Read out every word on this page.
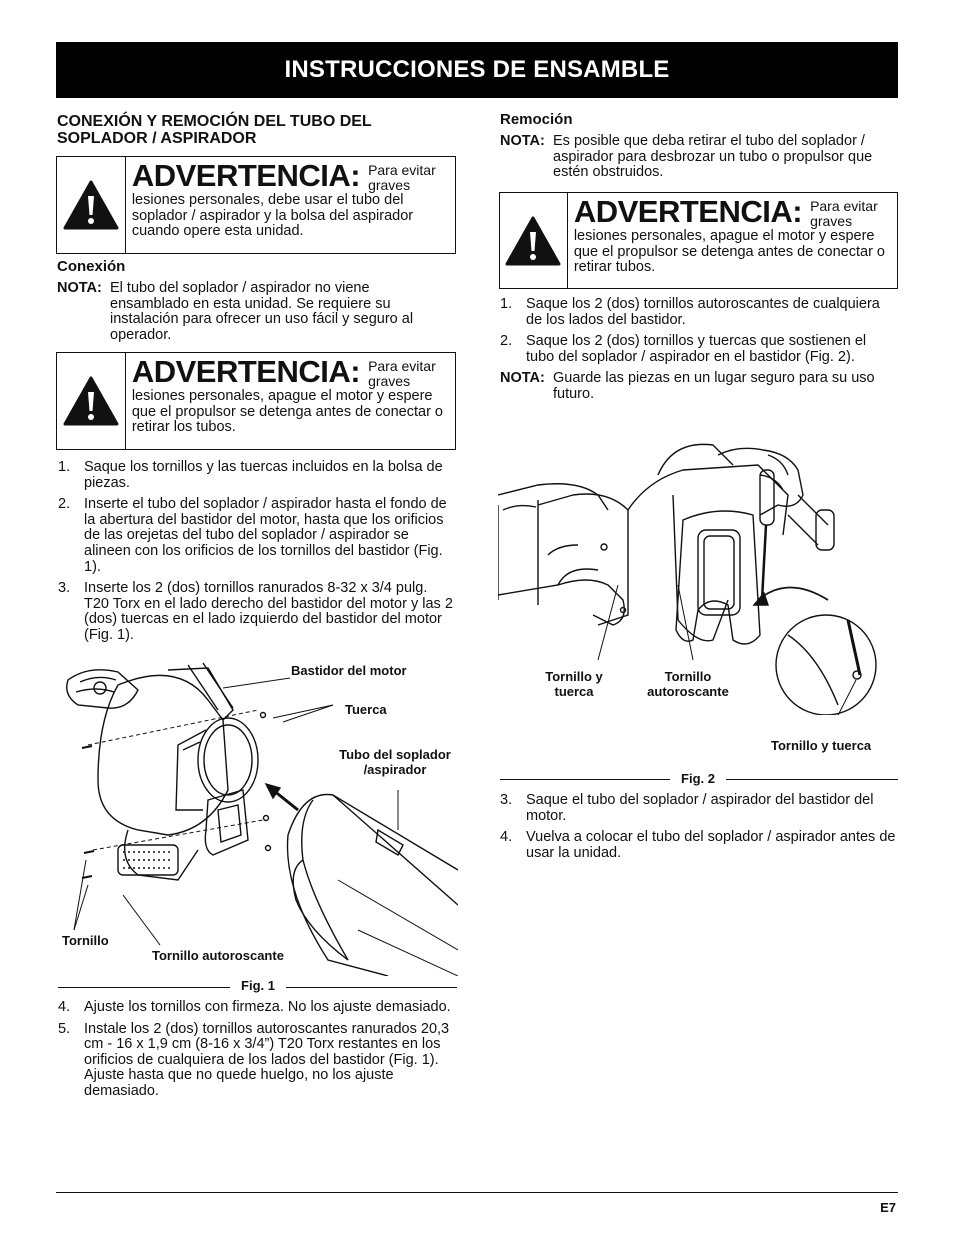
INSTRUCCIONES DE ENSAMBLE
CONEXIÓN Y REMOCIÓN DEL TUBO DEL SOPLADOR / ASPIRADOR
ADVERTENCIA: Para evitar graves
lesiones personales, debe usar el tubo del soplador / aspirador y la bolsa del aspirador cuando opere esta unidad.
Conexión
NOTA: El tubo del soplador / aspirador no viene ensamblado en esta unidad. Se requiere su instalación para ofrecer un uso fácil y seguro al operador.
ADVERTENCIA: Para evitar graves
lesiones personales, apague el motor y espere que el propulsor se detenga antes de conectar o retirar los tubos.
1. Saque los tornillos y las tuercas incluidos en la bolsa de piezas.
2. Inserte el tubo del soplador / aspirador hasta el fondo de la abertura del bastidor del motor, hasta que los orificios de las orejetas del tubo del soplador / aspirador se alineen con los orificios de los tornillos del bastidor (Fig. 1).
3. Inserte los 2 (dos) tornillos ranurados 8-32 x 3/4 pulg. T20 Torx en el lado derecho del bastidor del motor y las 2 (dos) tuercas en el lado izquierdo del bastidor del motor (Fig. 1).
Bastidor del motor
Tuerca
Tubo del soplador /aspirador
Tornillo
Tornillo autoroscante
Fig. 1
4. Ajuste los tornillos con firmeza. No los ajuste demasiado.
5. Instale los 2 (dos) tornillos autoroscantes ranurados 20,3 cm - 16 x 1,9 cm (8-16 x 3/4”) T20 Torx restantes en los orificios de cualquiera de los lados del bastidor (Fig. 1). Ajuste hasta que no quede huelgo, no los ajuste demasiado.
Remoción
NOTA: Es posible que deba retirar el tubo del soplador / aspirador para desbrozar un tubo o propulsor que estén obstruidos.
ADVERTENCIA: Para evitar graves
lesiones personales, apague el motor y espere que el propulsor se detenga antes de conectar o retirar tubos.
1. Saque los 2 (dos) tornillos autoroscantes de cualquiera de los lados del bastidor.
2. Saque los 2 (dos) tornillos y tuercas que sostienen el tubo del soplador / aspirador en el bastidor (Fig. 2).
NOTA: Guarde las piezas en un lugar seguro para su uso futuro.
Tornillo y tuerca
Tornillo autoroscante
Tornillo y tuerca
Fig. 2
3. Saque el tubo del soplador / aspirador del bastidor del motor.
4. Vuelva a colocar el tubo del soplador / aspirador antes de usar la unidad.
E7
